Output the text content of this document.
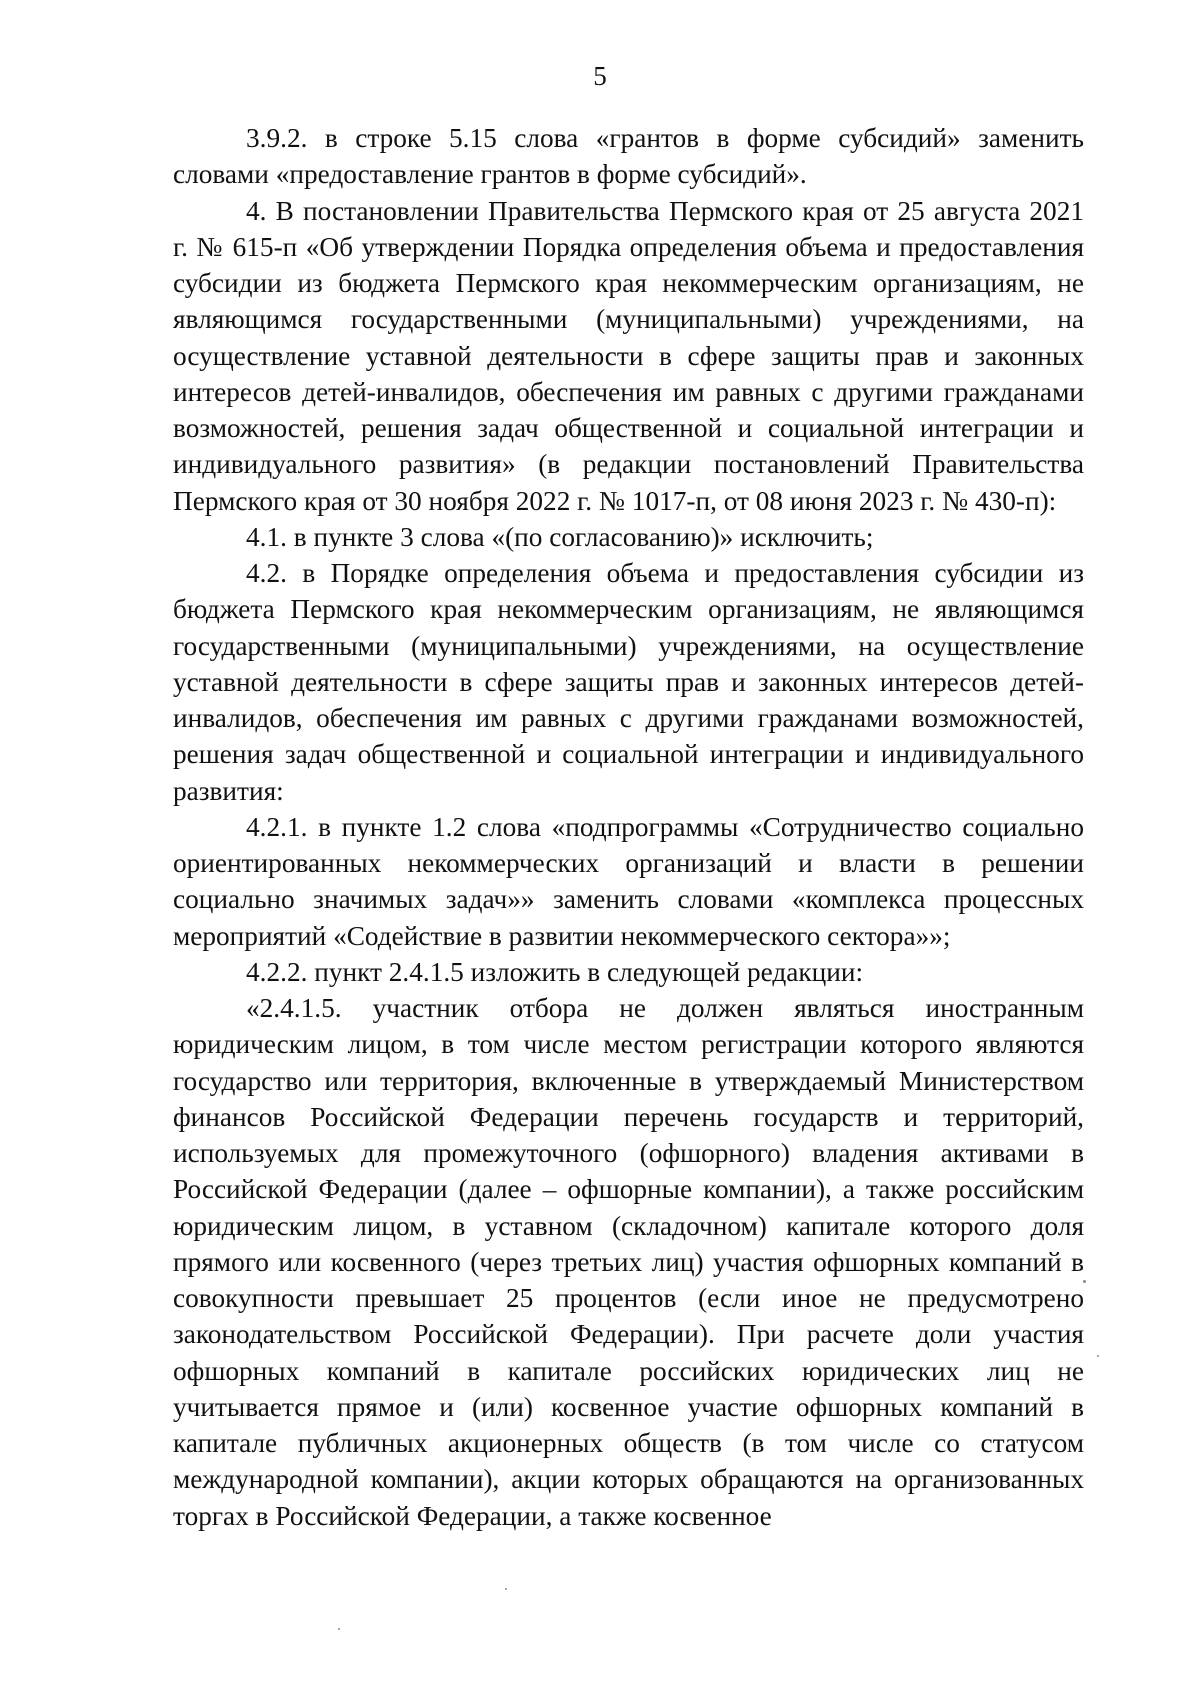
5

3.9.2. в строке 5.15 слова «грантов в форме субсидий» заменить словами «предоставление грантов в форме субсидий».

4. В постановлении Правительства Пермского края от 25 августа 2021 г. № 615-п «Об утверждении Порядка определения объема и предоставления субсидии из бюджета Пермского края некоммерческим организациям, не являющимся государственными (муниципальными) учреждениями, на осуществление уставной деятельности в сфере защиты прав и законных интересов детей-инвалидов, обеспечения им равных с другими гражданами возможностей, решения задач общественной и социальной интеграции и индивидуального развития» (в редакции постановлений Правительства Пермского края от 30 ноября 2022 г. № 1017-п, от 08 июня 2023 г. № 430-п):

4.1. в пункте 3 слова «(по согласованию)» исключить;

4.2. в Порядке определения объема и предоставления субсидии из бюджета Пермского края некоммерческим организациям, не являющимся государственными (муниципальными) учреждениями, на осуществление уставной деятельности в сфере защиты прав и законных интересов детей-инвалидов, обеспечения им равных с другими гражданами возможностей, решения задач общественной и социальной интеграции и индивидуального развития:

4.2.1. в пункте 1.2 слова «подпрограммы «Сотрудничество социально ориентированных некоммерческих организаций и власти в решении социально значимых задач»» заменить словами «комплекса процессных мероприятий «Содействие в развитии некоммерческого сектора»»;

4.2.2. пункт 2.4.1.5 изложить в следующей редакции:

«2.4.1.5. участник отбора не должен являться иностранным юридическим лицом, в том числе местом регистрации которого являются государство или территория, включенные в утверждаемый Министерством финансов Российской Федерации перечень государств и территорий, используемых для промежуточного (офшорного) владения активами в Российской Федерации (далее – офшорные компании), а также российским юридическим лицом, в уставном (складочном) капитале которого доля прямого или косвенного (через третьих лиц) участия офшорных компаний в совокупности превышает 25 процентов (если иное не предусмотрено законодательством Российской Федерации). При расчете доли участия офшорных компаний в капитале российских юридических лиц не учитывается прямое и (или) косвенное участие офшорных компаний в капитале публичных акционерных обществ (в том числе со статусом международной компании), акции которых обращаются на организованных торгах в Российской Федерации, а также косвенное
